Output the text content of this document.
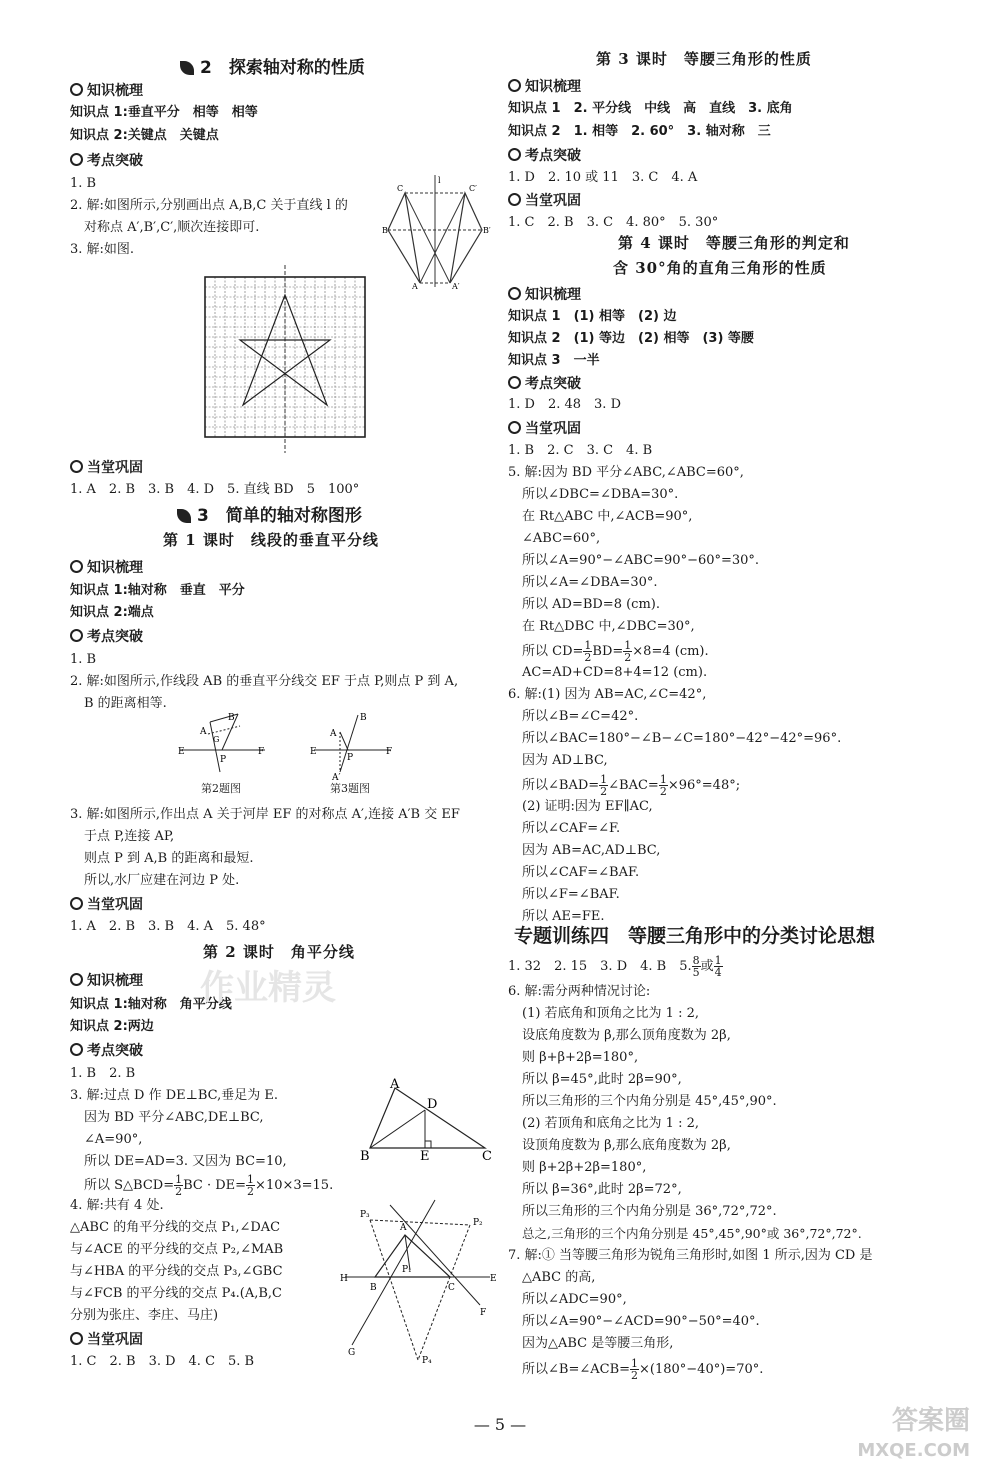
2　探索轴对称的性质
知识梳理
知识点 1:垂直平分　相等　相等
知识点 2:关键点　关键点
考点突破
1. B
2. 解:如图所示,分别画出点 A,B,C 关于直线 l 的
对称点 A′,B′,C′,顺次连接即可.
3. 解:如图.
C
B
A
l
C′
B′
A′
当堂巩固
1. A　2. B　3. B　4. D　5. 直线 BD　5　100°
3　简单的轴对称图形
第 1 课时　线段的垂直平分线
知识梳理
知识点 1:轴对称　垂直　平分
知识点 2:端点
考点突破
1. B
2. 解:如图所示,作线段 AB 的垂直平分线交 EF 于点 P,则点 P 到 A,
B 的距离相等.
B
A
G
P
E	F
B
A
P
E	F
A′
第2题图	第3题图
3. 解:如图所示,作出点 A 关于河岸 EF 的对称点 A′,连接 A′B 交 EF
于点 P,连接 AP,
则点 P 到 A,B 的距离和最短.
所以,水厂应建在河边 P 处.
当堂巩固
1. A　2. B　3. B　4. A　5. 48°
第 2 课时　角平分线
知识梳理
知识点 1:轴对称　角平分线
知识点 2:两边
考点突破
1. B　2. B
3. 解:过点 D 作 DE⊥BC,垂足为 E.
因为 BD 平分∠ABC,DE⊥BC,
∠A=90°,
所以 DE=AD=3. 又因为 BC=10,
所以 S△BCD= $\frac{1}{2}$ BC · $DE= \frac{1}{2} \times 10\times 3=15$.
A
D
B	E	C
4. 解:共有 4 处.
△ABC 的角平分线的交点 P₁,∠DAC
与∠ACE 的平分线的交点 P₂,∠MAB
与∠HBA 的平分线的交点 P₃,∠GBC
与∠FCB 的平分线的交点 P₄.(A,B,C
分别为张庄、李庄、马庄)
A
P₃
P₂
P₁
H
B	C
E
G
F
P₄
当堂巩固
1. C　2. B　3. D　4. C　5. B
第 3 课时　等腰三角形的性质
知识梳理
知识点 1　2. 平分线　中线　高　直线　3. 底角
知识点 2　1. 相等　2. 60°　3. 轴对称　三
考点突破
1. D　2. 10 或 11　3. C　4. A
当堂巩固
1. C　2. B　3. C　4. 80°　5. 30°
第 4 课时　等腰三角形的判定和
含 30°角的直角三角形的性质
知识梳理
知识点 1　(1) 相等　(2) 边
知识点 2　(1) 等边　(2) 相等　(3) 等腰
知识点 3　一半
考点突破
1. D　2. 48　3. D
当堂巩固
1. B　2. C　3. C　4. B
5. 解:因为 BD 平分∠ABC,∠ABC=60°,
所以∠DBC=∠DBA=30°.
在 Rt△ABC 中,∠ACB=90°,
∠ABC=60°,
所以∠A=90°−∠ABC=90°−60°=30°.
所以∠A=∠DBA=30°.
所以 AD=BD=8 (cm).
在 Rt△DBC 中,∠DBC=30°,
所以 $CD= \frac{1}{2} BD= \frac{1}{2} \times 8=4$ (cm).
AC=AD+CD=8+4=12 (cm).
6. 解:(1) 因为 AB=AC,∠C=42°,
所以∠B=∠C=42°.
所以∠BAC=180°−∠B−∠C=180°−42°−42°=96°.
因为 AD⊥BC,
所以∠BAD= $\frac{1}{2}$ ∠BAC= $\frac{1}{2} \times 96^\circ=48^\circ$;
(2) 证明:因为 EF∥AC,
所以∠CAF=∠F.
因为 AB=AC,AD⊥BC,
所以∠CAF=∠BAF.
所以∠F=∠BAF.
所以 AE=FE.
专题训练四　等腰三角形中的分类讨论思想
1. 32　2. 15　3. D　4. B　5. $\frac{8}{5}$ 或 $\frac{1}{4}$
6. 解:需分两种情况讨论:
(1) 若底角和顶角之比为 1 : 2,
设底角度数为 β,那么顶角度数为 2β,
则 β+β+2β=180°,
所以 β=45°,此时 2β=90°,
所以三角形的三个内角分别是 45°,45°,90°.
(2) 若顶角和底角之比为 1 : 2,
设顶角度数为 β,那么底角度数为 2β,
则 β+2β+2β=180°,
所以 β=36°,此时 2β=72°,
所以三角形的三个内角分别是 36°,72°,72°.
总之,三角形的三个内角分别是 45°,45°,90°或 36°,72°,72°.
7. 解:① 当等腰三角形为锐角三角形时,如图 1 所示,因为 CD 是
△ABC 的高,
所以∠ADC=90°,
所以∠A=90°−∠ACD=90°−50°=40°.
因为△ABC 是等腰三角形,
所以∠B=∠ACB= $\frac{1}{2} \times(180^\circ-40^\circ)=70^\circ$.
作业精灵
— 5 —	答案圈
MXQE.COM
